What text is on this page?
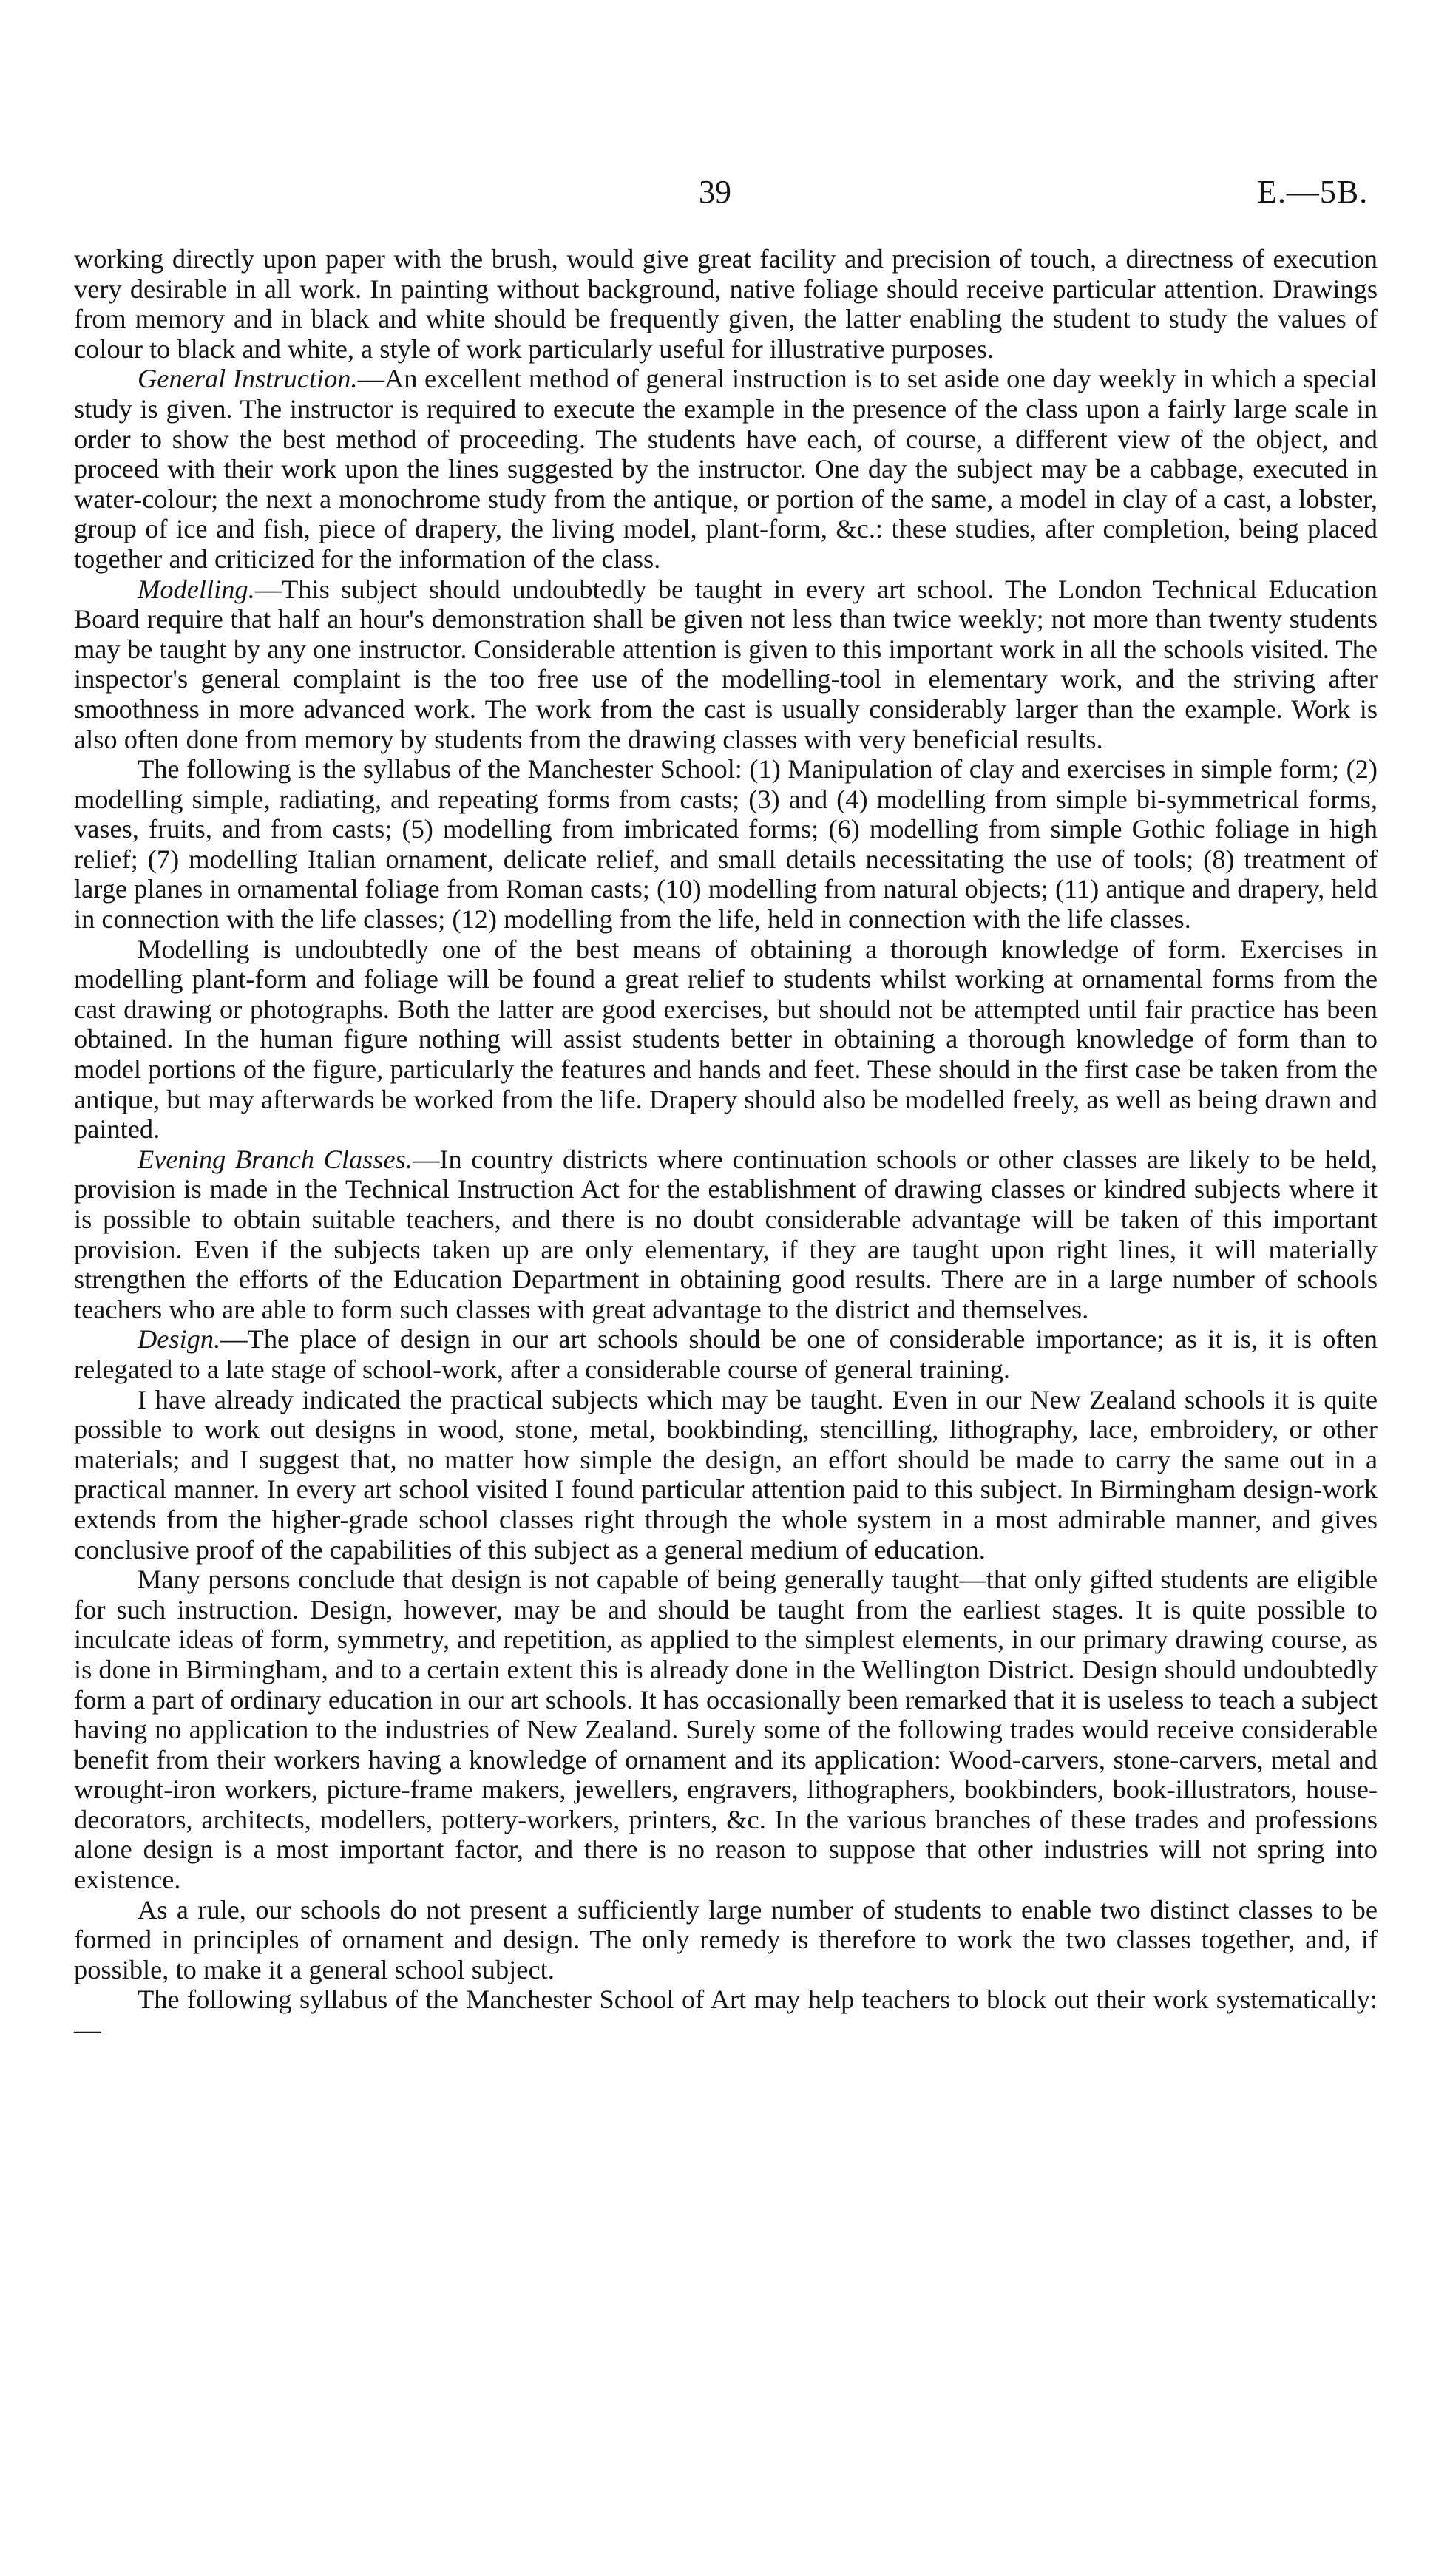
39	E.—5B.

working directly upon paper with the brush, would give great facility and precision of touch, a directness of execution very desirable in all work. In painting without background, native foliage should receive particular attention. Drawings from memory and in black and white should be frequently given, the latter enabling the student to study the values of colour to black and white, a style of work particularly useful for illustrative purposes.

General Instruction.—An excellent method of general instruction is to set aside one day weekly in which a special study is given. The instructor is required to execute the example in the presence of the class upon a fairly large scale in order to show the best method of proceeding. The students have each, of course, a different view of the object, and proceed with their work upon the lines suggested by the instructor. One day the subject may be a cabbage, executed in water-colour; the next a monochrome study from the antique, or portion of the same, a model in clay of a cast, a lobster, group of ice and fish, piece of drapery, the living model, plant-form, &c.: these studies, after completion, being placed together and criticized for the information of the class.

Modelling.—This subject should undoubtedly be taught in every art school. The London Technical Education Board require that half an hour's demonstration shall be given not less than twice weekly; not more than twenty students may be taught by any one instructor. Considerable attention is given to this important work in all the schools visited. The inspector's general complaint is the too free use of the modelling-tool in elementary work, and the striving after smoothness in more advanced work. The work from the cast is usually considerably larger than the example. Work is also often done from memory by students from the drawing classes with very beneficial results.

The following is the syllabus of the Manchester School: (1) Manipulation of clay and exercises in simple form; (2) modelling simple, radiating, and repeating forms from casts; (3) and (4) modelling from simple bi-symmetrical forms, vases, fruits, and from casts; (5) modelling from imbricated forms; (6) modelling from simple Gothic foliage in high relief; (7) modelling Italian ornament, delicate relief, and small details necessitating the use of tools; (8) treatment of large planes in ornamental foliage from Roman casts; (10) modelling from natural objects; (11) antique and drapery, held in connection with the life classes; (12) modelling from the life, held in connection with the life classes.

Modelling is undoubtedly one of the best means of obtaining a thorough knowledge of form. Exercises in modelling plant-form and foliage will be found a great relief to students whilst working at ornamental forms from the cast drawing or photographs. Both the latter are good exercises, but should not be attempted until fair practice has been obtained. In the human figure nothing will assist students better in obtaining a thorough knowledge of form than to model portions of the figure, particularly the features and hands and feet. These should in the first case be taken from the antique, but may afterwards be worked from the life. Drapery should also be modelled freely, as well as being drawn and painted.

Evening Branch Classes.—In country districts where continuation schools or other classes are likely to be held, provision is made in the Technical Instruction Act for the establishment of drawing classes or kindred subjects where it is possible to obtain suitable teachers, and there is no doubt considerable advantage will be taken of this important provision. Even if the subjects taken up are only elementary, if they are taught upon right lines, it will materially strengthen the efforts of the Education Department in obtaining good results. There are in a large number of schools teachers who are able to form such classes with great advantage to the district and themselves.

Design.—The place of design in our art schools should be one of considerable importance; as it is, it is often relegated to a late stage of school-work, after a considerable course of general training.

I have already indicated the practical subjects which may be taught. Even in our New Zealand schools it is quite possible to work out designs in wood, stone, metal, bookbinding, stencilling, lithography, lace, embroidery, or other materials; and I suggest that, no matter how simple the design, an effort should be made to carry the same out in a practical manner. In every art school visited I found particular attention paid to this subject. In Birmingham design-work extends from the higher-grade school classes right through the whole system in a most admirable manner, and gives conclusive proof of the capabilities of this subject as a general medium of education.

Many persons conclude that design is not capable of being generally taught—that only gifted students are eligible for such instruction. Design, however, may be and should be taught from the earliest stages. It is quite possible to inculcate ideas of form, symmetry, and repetition, as applied to the simplest elements, in our primary drawing course, as is done in Birmingham, and to a certain extent this is already done in the Wellington District. Design should undoubtedly form a part of ordinary education in our art schools. It has occasionally been remarked that it is useless to teach a subject having no application to the industries of New Zealand. Surely some of the following trades would receive considerable benefit from their workers having a knowledge of ornament and its application: Wood-carvers, stone-carvers, metal and wrought-iron workers, picture-frame makers, jewellers, engravers, lithographers, bookbinders, book-illustrators, house-decorators, architects, modellers, pottery-workers, printers, &c. In the various branches of these trades and professions alone design is a most important factor, and there is no reason to suppose that other industries will not spring into existence.

As a rule, our schools do not present a sufficiently large number of students to enable two distinct classes to be formed in principles of ornament and design. The only remedy is therefore to work the two classes together, and, if possible, to make it a general school subject.

The following syllabus of the Manchester School of Art may help teachers to block out their work systematically:—
